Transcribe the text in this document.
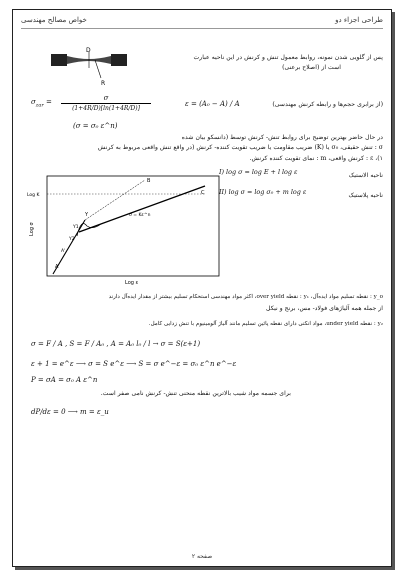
طراحی اجزاء دو
خواص مصالح مهندسی
D
R
پس از گلویی شدن نمونه، روابط معمول تنش و کرنش در این ناحیه عبارت
است از (اصلاح برعنی)
$\sigma_{zar} = \frac{\sigma}{(1+4R/D)[\ln(1+4R/D)]}$	ε = (A₀ − A) / A	(از برابری حجم‌ها و رابطه کرنش مهندسی)
(σ = σ₀ ε^n)
در حال حاضر بهترین توضیح برای روابط تنش- کرنش توسط (دانسکو بیان شده
σ : تنش حقیقی، σ₀ یا (K) ضریب مقاومت یا ضریب تقویت کننده- کرنش (در واقع تنش واقعی مربوط به کرنش
۱)، ε : کرنش واقعی، m : نمای تقویت کننده کرنش.
I) log σ = log E + l log ε	ناحیه الاستیک
II) log σ = log σ₀ + m log ε	ناحیه پلاستیک
Log σ
Log ε
Log K
A
B
C
Y
Y1
Y2
A'
σ = Kε^n
y_o : نقطه تسلیم مواد ایده‌آل، y₁ : نقطه over yield، اکثر مواد مهندسی استحکام تسلیم بیشتر از مقدار ایده‌آل دارند
از جمله همه آلیاژهای فولاد- مس، برنج و نیکل
y₂ : نقطه under yield، مواد انکتی دارای نقطه پائین تسلیم مانند آلیاژ آلومینیوم با تنش زدایی کامل.
σ = F / A , S = F / A₀ , A = A₀ l₀ / l → σ = S(ε+1)
ε + 1 = e^ε ⟶ σ = S e^ε ⟶ S = σ e^−ε = σ₀ ε^n e^−ε
P = σA = σ₀ A ε^n
برای جسمه مواد شیب بالاترین نقطه منحنی تنش- کرنش نامی صفر است.
dP/dε = 0 ⟶ m = ε_u
صفحه ۲
